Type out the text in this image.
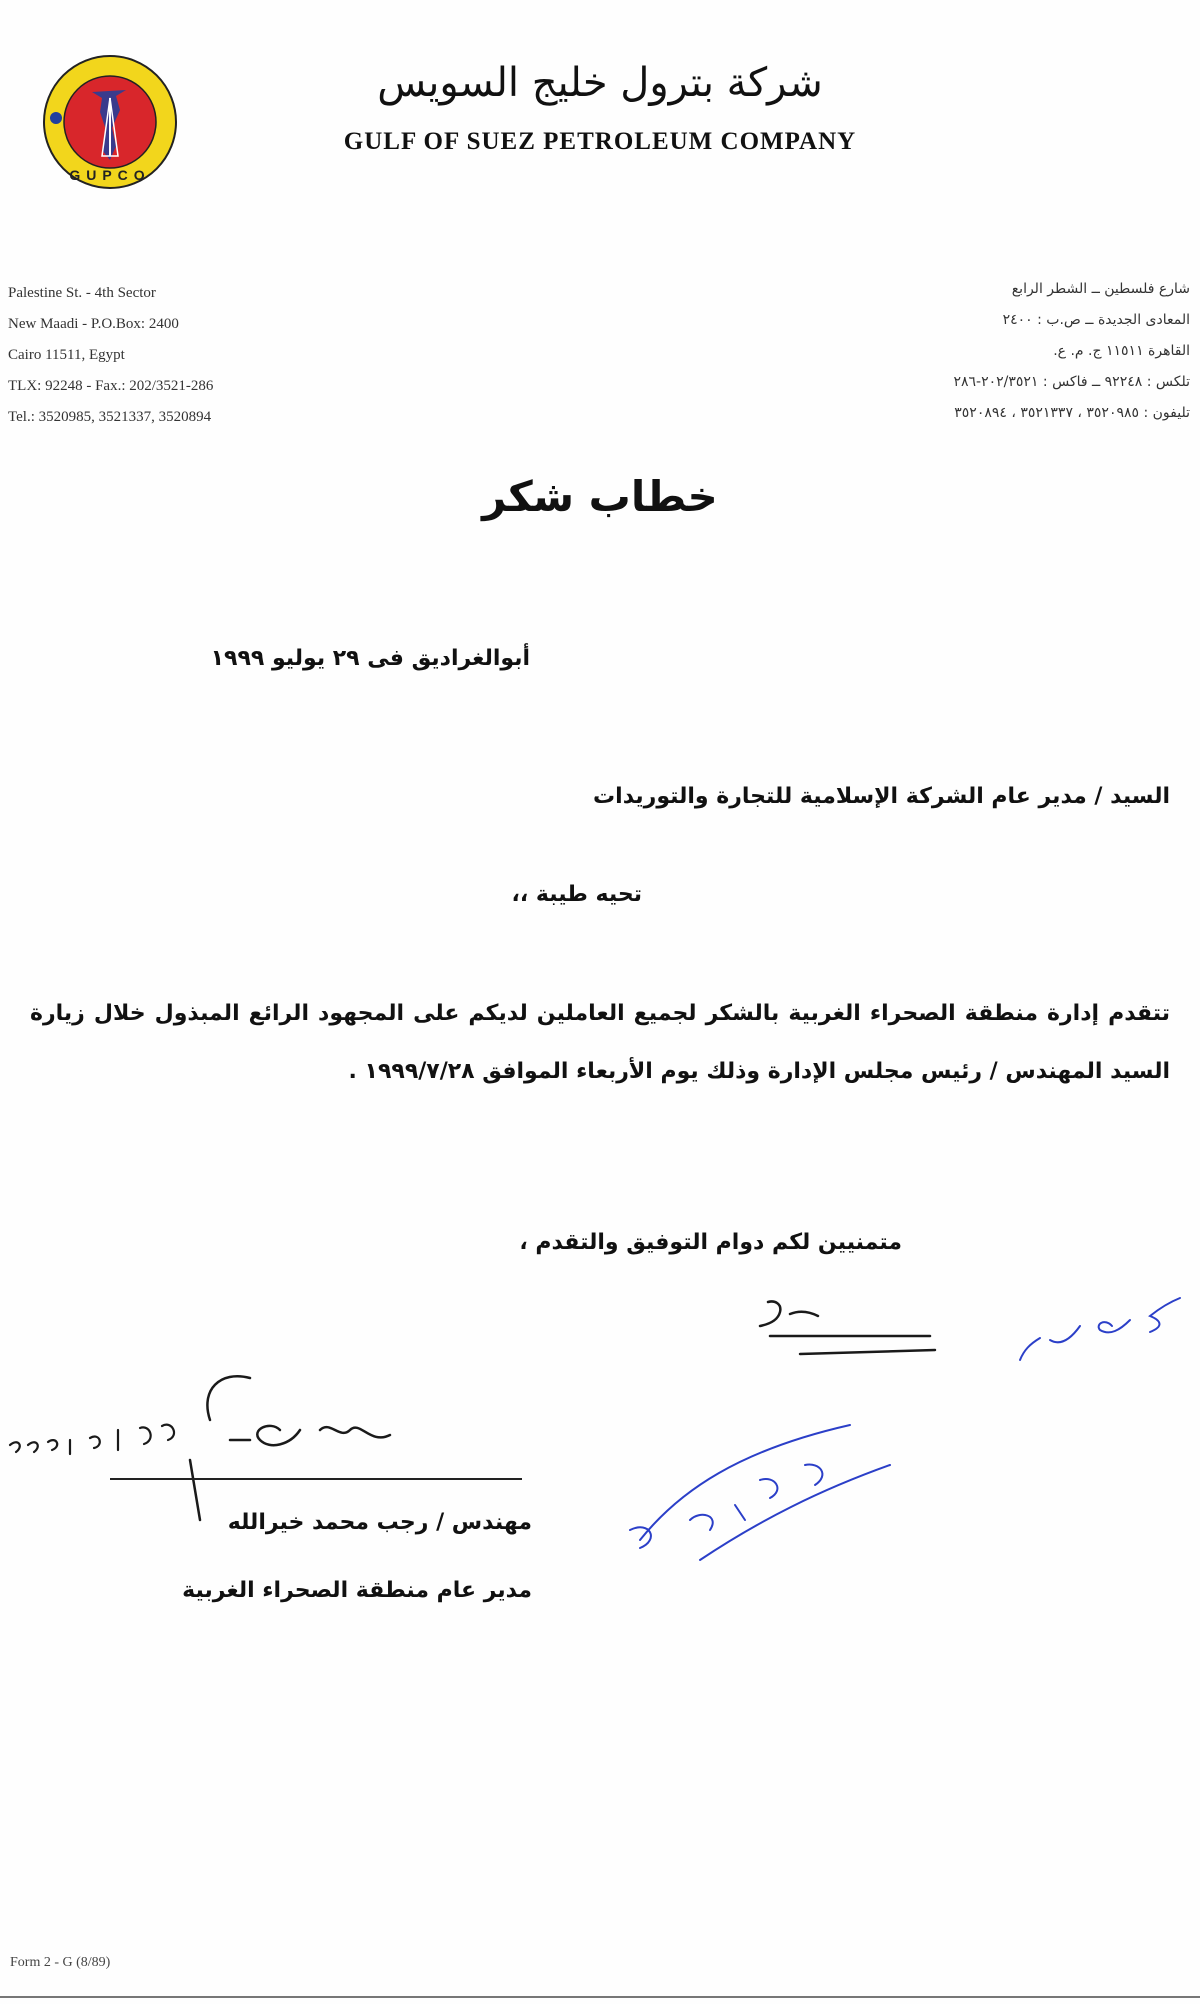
GUPCO
شركة بترول خليج السويس
GULF OF SUEZ PETROLEUM COMPANY
Palestine St. - 4th Sector
New Maadi - P.O.Box: 2400
Cairo 11511, Egypt
TLX: 92248 - Fax.: 202/3521-286
Tel.: 3520985, 3521337, 3520894
شارع فلسطين ــ الشطر الرابع
المعادى الجديدة ــ ص.ب : ٢٤٠٠
القاهرة ١١٥١١ ج. م. ع.
تلكس : ٩٢٢٤٨ ــ فاكس : ٢٠٢/٣٥٢١-٢٨٦
تليفون : ٣٥٢٠٩٨٥ ، ٣٥٢١٣٣٧ ، ٣٥٢٠٨٩٤
خطاب شكر
أبوالغراديق فى ٢٩ يوليو ١٩٩٩
السيد / مدير عام الشركة الإسلامية للتجارة والتوريدات
تحيه طيبة ،،
تتقدم إدارة منطقة الصحراء الغربية بالشكر لجميع العاملين لديكم على المجهود الرائع المبذول خلال زيارة السيد المهندس / رئيس مجلس الإدارة وذلك يوم الأربعاء الموافق ١٩٩٩/٧/٢٨ .
متمنيين لكم دوام التوفيق والتقدم ،
مهندس / رجب محمد خيرالله
مدير عام منطقة الصحراء الغربية
Form 2 - G (8/89)
